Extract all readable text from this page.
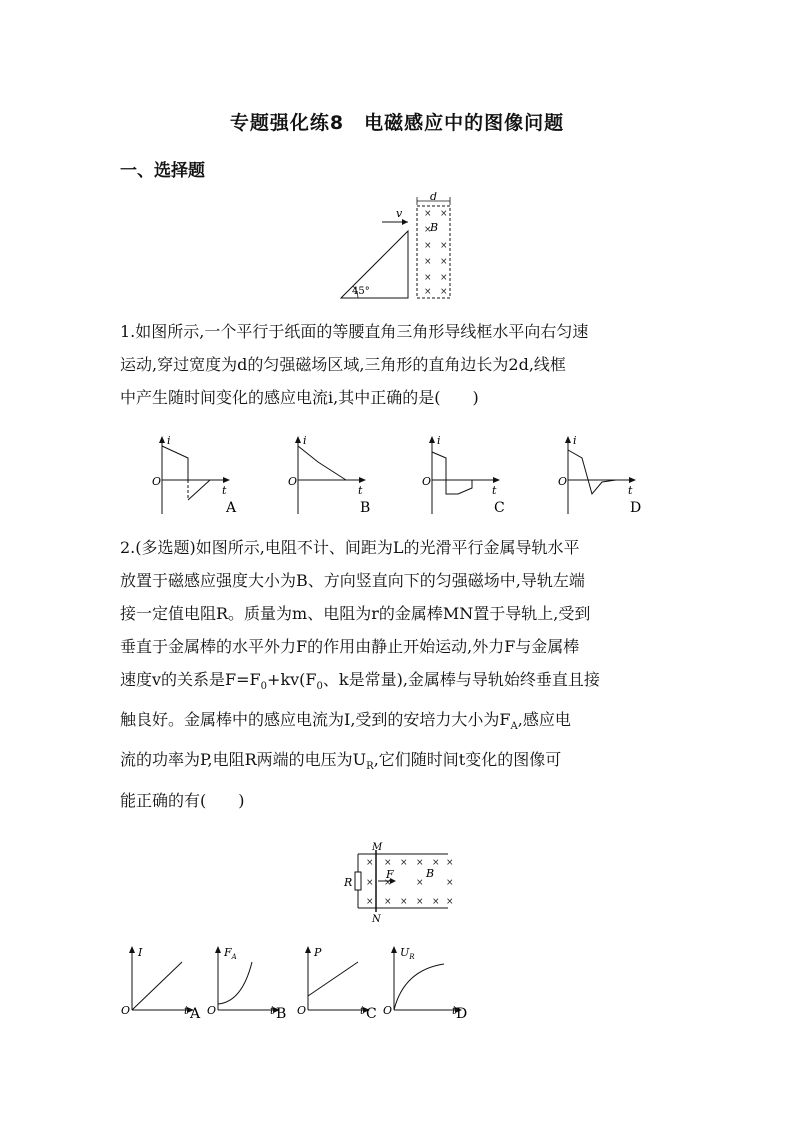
专题强化练8　电磁感应中的图像问题
一、选择题
45°
v
d
B
× ×
×
× ×
× ×
× ×
× ×
1.如图所示,一个平行于纸面的等腰直角三角形导线框水平向右匀速
运动,穿过宽度为d的匀强磁场区域,三角形的直角边长为2d,线框
中产生随时间变化的感应电流i,其中正确的是(　　)
i
O
t
A
i
O
t
B
i
O
t
C
i
O
t
D
2.(多选题)如图所示,电阻不计、间距为L的光滑平行金属导轨水平
放置于磁感应强度大小为B、方向竖直向下的匀强磁场中,导轨左端
接一定值电阻R。质量为m、电阻为r的金属棒MN置于导轨上,受到
垂直于金属棒的水平外力F的作用由静止开始运动,外力F与金属棒
速度v的关系是$F=F_0+kv(F_0$、k是常量),金属棒与导轨始终垂直且接
触良好。金属棒中的感应电流为I,受到的安培力大小为$F_A$,感应电
流的功率为P,电阻R两端的电压为$U_R$,它们随时间t变化的图像可
能正确的有(　　)
R
M
N
F	B
× × × × × ×
× ×	× ×
× × × × × ×
I
O	t A
$F_A$
O	t B
P
O	t C
$U_R$
O	t D
